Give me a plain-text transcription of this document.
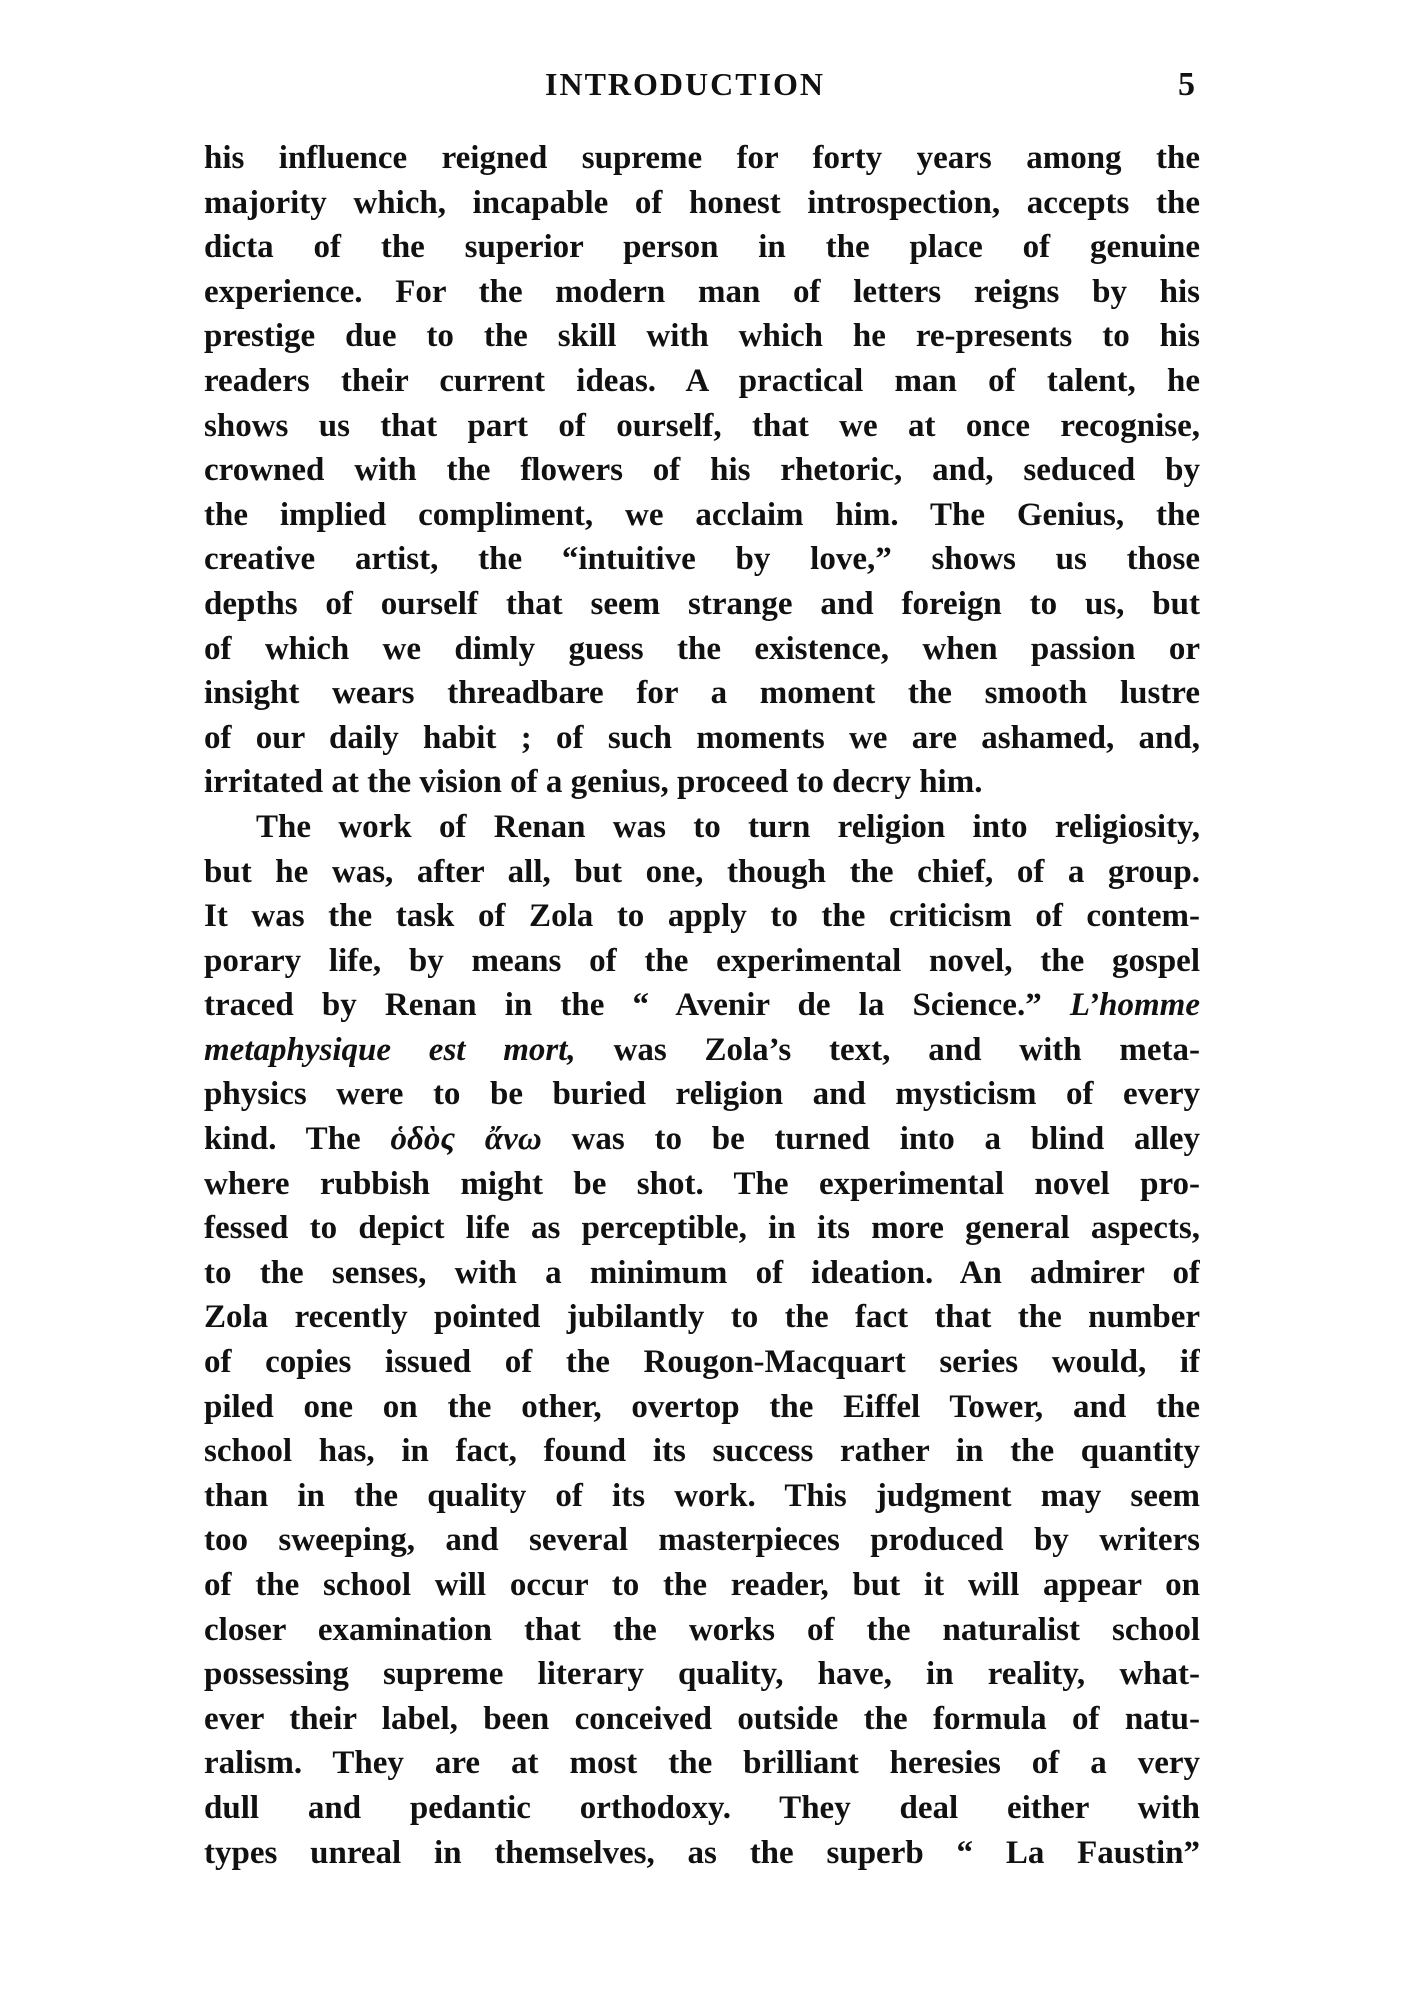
INTRODUCTION	5
his influence reigned supreme for forty years among the
majority which, incapable of honest introspection, accepts the
dicta of the superior person in the place of genuine
experience. For the modern man of letters reigns by his
prestige due to the skill with which he re-presents to his
readers their current ideas. A practical man of talent, he
shows us that part of ourself, that we at once recognise,
crowned with the flowers of his rhetoric, and, seduced by
the implied compliment, we acclaim him. The Genius, the
creative artist, the “intuitive by love,” shows us those
depths of ourself that seem strange and foreign to us, but
of which we dimly guess the existence, when passion or
insight wears threadbare for a moment the smooth lustre
of our daily habit ; of such moments we are ashamed, and,
irritated at the vision of a genius, proceed to decry him.
The work of Renan was to turn religion into religiosity,
but he was, after all, but one, though the chief, of a group.
It was the task of Zola to apply to the criticism of contem-
porary life, by means of the experimental novel, the gospel
traced by Renan in the “ Avenir de la Science.” L’homme
metaphysique est mort, was Zola’s text, and with meta-
physics were to be buried religion and mysticism of every
kind. The ὁδὸς ἄνω was to be turned into a blind alley
where rubbish might be shot. The experimental novel pro-
fessed to depict life as perceptible, in its more general aspects,
to the senses, with a minimum of ideation. An admirer of
Zola recently pointed jubilantly to the fact that the number
of copies issued of the Rougon-Macquart series would, if
piled one on the other, overtop the Eiffel Tower, and the
school has, in fact, found its success rather in the quantity
than in the quality of its work. This judgment may seem
too sweeping, and several masterpieces produced by writers
of the school will occur to the reader, but it will appear on
closer examination that the works of the naturalist school
possessing supreme literary quality, have, in reality, what-
ever their label, been conceived outside the formula of natu-
ralism. They are at most the brilliant heresies of a very
dull and pedantic orthodoxy. They deal either with
types unreal in themselves, as the superb “ La Faustin”
